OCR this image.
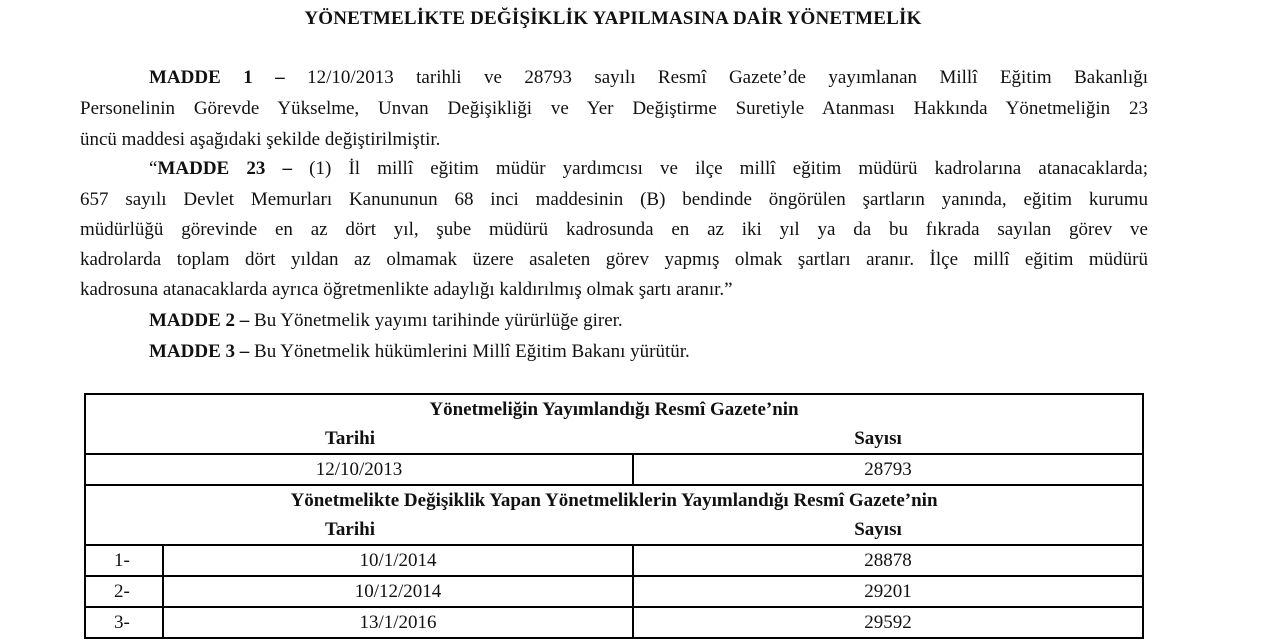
YÖNETMELİKTE DEĞİŞİKLİK YAPILMASINA DAİR YÖNETMELİK
MADDE 1 – 12/10/2013 tarihli ve 28793 sayılı Resmî Gazete’de yayımlanan Millî Eğitim Bakanlığı
Personelinin Görevde Yükselme, Unvan Değişikliği ve Yer Değiştirme Suretiyle Atanması Hakkında Yönetmeliğin 23
üncü maddesi aşağıdaki şekilde değiştirilmiştir.
“MADDE 23 – (1) İl millî eğitim müdür yardımcısı ve ilçe millî eğitim müdürü kadrolarına atanacaklarda;
657 sayılı Devlet Memurları Kanununun 68 inci maddesinin (B) bendinde öngörülen şartların yanında, eğitim kurumu
müdürlüğü görevinde en az dört yıl, şube müdürü kadrosunda en az iki yıl ya da bu fıkrada sayılan görev ve
kadrolarda toplam dört yıldan az olmamak üzere asaleten görev yapmış olmak şartları aranır. İlçe millî eğitim müdürü
kadrosuna atanacaklarda ayrıca öğretmenlikte adaylığı kaldırılmış olmak şartı aranır.”
MADDE 2 – Bu Yönetmelik yayımı tarihinde yürürlüğe girer.
MADDE 3 – Bu Yönetmelik hükümlerini Millî Eğitim Bakanı yürütür.
Yönetmeliğin Yayımlandığı Resmî Gazete’nin		

Tarihi Sayısı		

12/10/2013		28793
Yönetmelikte Değişiklik Yapan Yönetmeliklerin Yayımlandığı Resmî Gazete’nin		

Tarihi Sayısı		

1-	10/1/2014	28878
2-	10/12/2014	29201
3-	13/1/2016	29592
